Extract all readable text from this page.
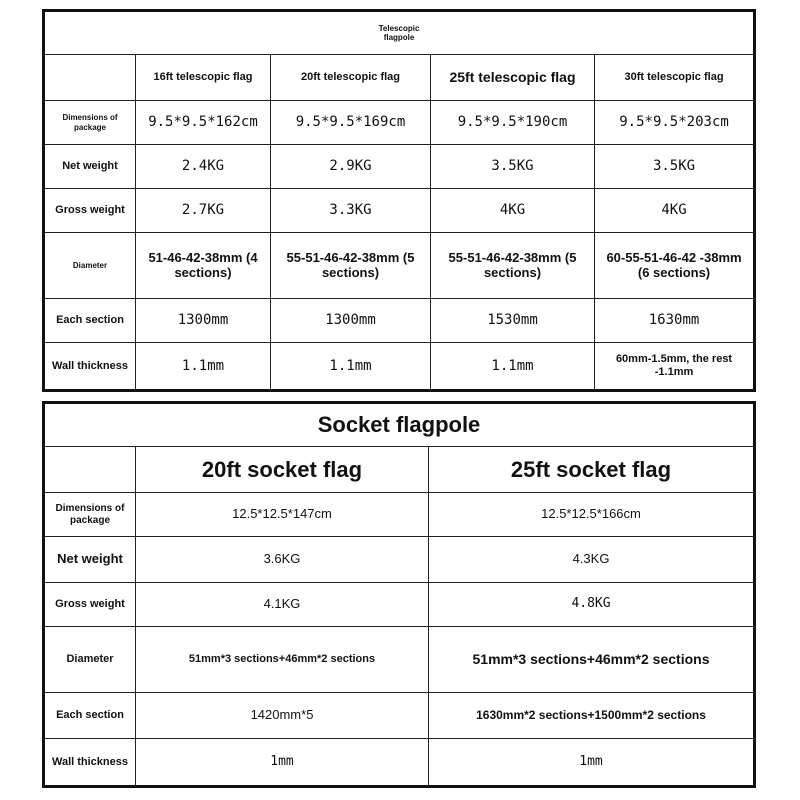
Telescopic
flagpole				
	16ft telescopic flag	20ft telescopic flag	25ft telescopic flag	30ft telescopic flag
Dimensions of package	9.5*9.5*162cm	9.5*9.5*169cm	9.5*9.5*190cm	9.5*9.5*203cm
Net weight	2.4KG	2.9KG	3.5KG	3.5KG
Gross weight	2.7KG	3.3KG	4KG	4KG
Diameter	51-46-42-38mm (4 sections)	55-51-46-42-38mm (5 sections)	55-51-46-42-38mm (5 sections)	60-55-51-46-42 -38mm (6 sections)
Each section	1300mm	1300mm	1530mm	1630mm
Wall thickness	1.1mm	1.1mm	1.1mm	60mm-1.5mm, the rest -1.1mm
Socket flagpole		
	20ft socket flag	25ft socket flag
Dimensions of package	12.5*12.5*147cm	12.5*12.5*166cm
Net weight	3.6KG	4.3KG
Gross weight	4.1KG	4.8KG
Diameter	51mm*3 sections+46mm*2 sections	51mm*3 sections+46mm*2 sections
Each section	1420mm*5	1630mm*2 sections+1500mm*2 sections
Wall thickness	1mm	1mm
